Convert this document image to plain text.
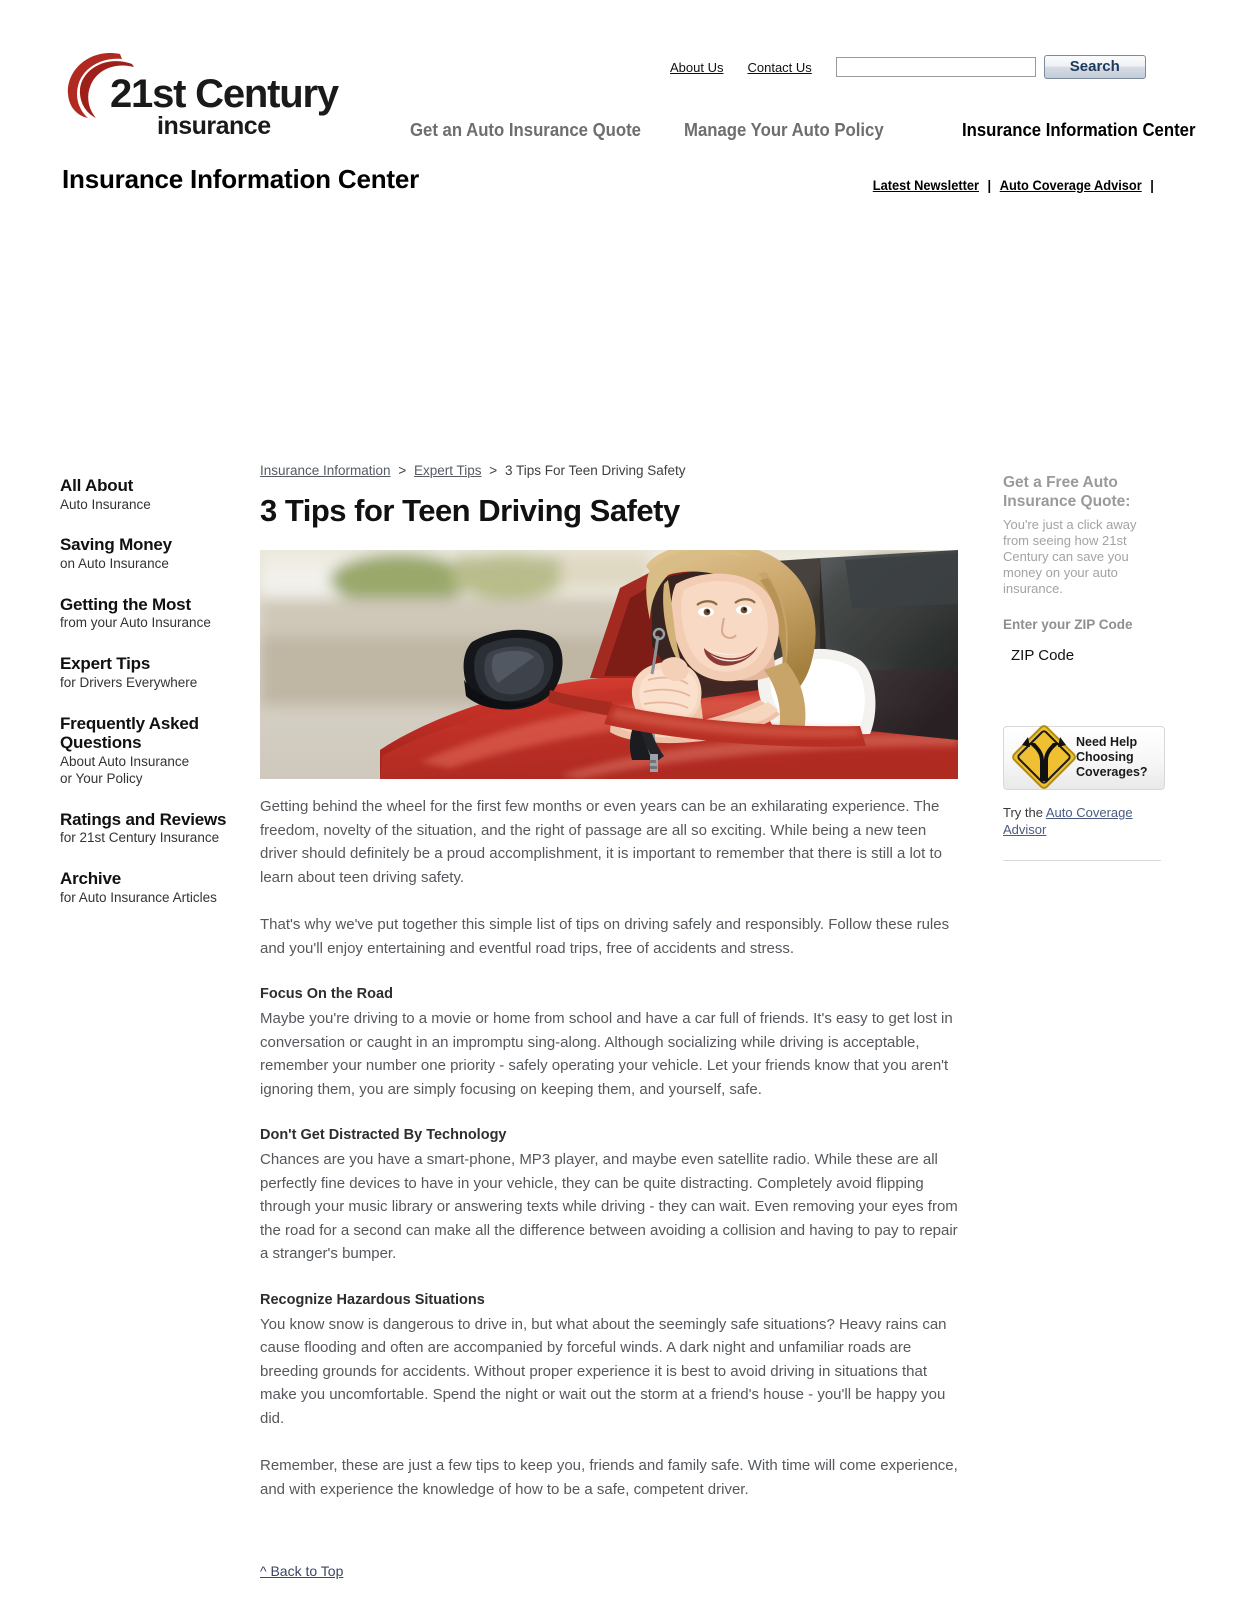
21st Century
insurance
About Us Contact Us	Search
Get an Auto Insurance Quote Manage Your Auto Policy	Insurance Information Center
Insurance Information Center	Latest Newsletter | Auto Coverage Advisor |
All About
Auto Insurance
Saving Money
on Auto Insurance
Getting the Most
from your Auto Insurance
Expert Tips
for Drivers Everywhere
Frequently Asked Questions
About Auto Insurance
or Your Policy
Ratings and Reviews
for 21st Century Insurance
Archive
for Auto Insurance Articles
Insurance Information > Expert Tips > 3 Tips For Teen Driving Safety
3 Tips for Teen Driving Safety

Getting behind the wheel for the first few months or even years can be an exhilarating experience. The freedom, novelty of the situation, and the right of passage are all so exciting. While being a new teen driver should definitely be a proud accomplishment, it is important to remember that there is still a lot to learn about teen driving safety.

That's why we've put together this simple list of tips on driving safely and responsibly. Follow these rules and you'll enjoy entertaining and eventful road trips, free of accidents and stress.

Focus On the Road

Maybe you're driving to a movie or home from school and have a car full of friends. It's easy to get lost in conversation or caught in an impromptu sing-along. Although socializing while driving is acceptable, remember your number one priority - safely operating your vehicle. Let your friends know that you aren't ignoring them, you are simply focusing on keeping them, and yourself, safe.

Don't Get Distracted By Technology

Chances are you have a smart-phone, MP3 player, and maybe even satellite radio. While these are all perfectly fine devices to have in your vehicle, they can be quite distracting. Completely avoid flipping through your music library or answering texts while driving - they can wait. Even removing your eyes from the road for a second can make all the difference between avoiding a collision and having to pay to repair a stranger's bumper.

Recognize Hazardous Situations

You know snow is dangerous to drive in, but what about the seemingly safe situations? Heavy rains can cause flooding and often are accompanied by forceful winds. A dark night and unfamiliar roads are breeding grounds for accidents. Without proper experience it is best to avoid driving in situations that make you uncomfortable. Spend the night or wait out the storm at a friend's house - you'll be happy you did.

Remember, these are just a few tips to keep you, friends and family safe. With time will come experience, and with experience the knowledge of how to be a safe, competent driver.

^ Back to Top
Get a Free Auto Insurance Quote:
You're just a click away from seeing how 21st Century can save you money on your auto insurance.
Enter your ZIP Code
ZIP Code
Need Help
Choosing
Coverages?
Try the Auto Coverage Advisor
